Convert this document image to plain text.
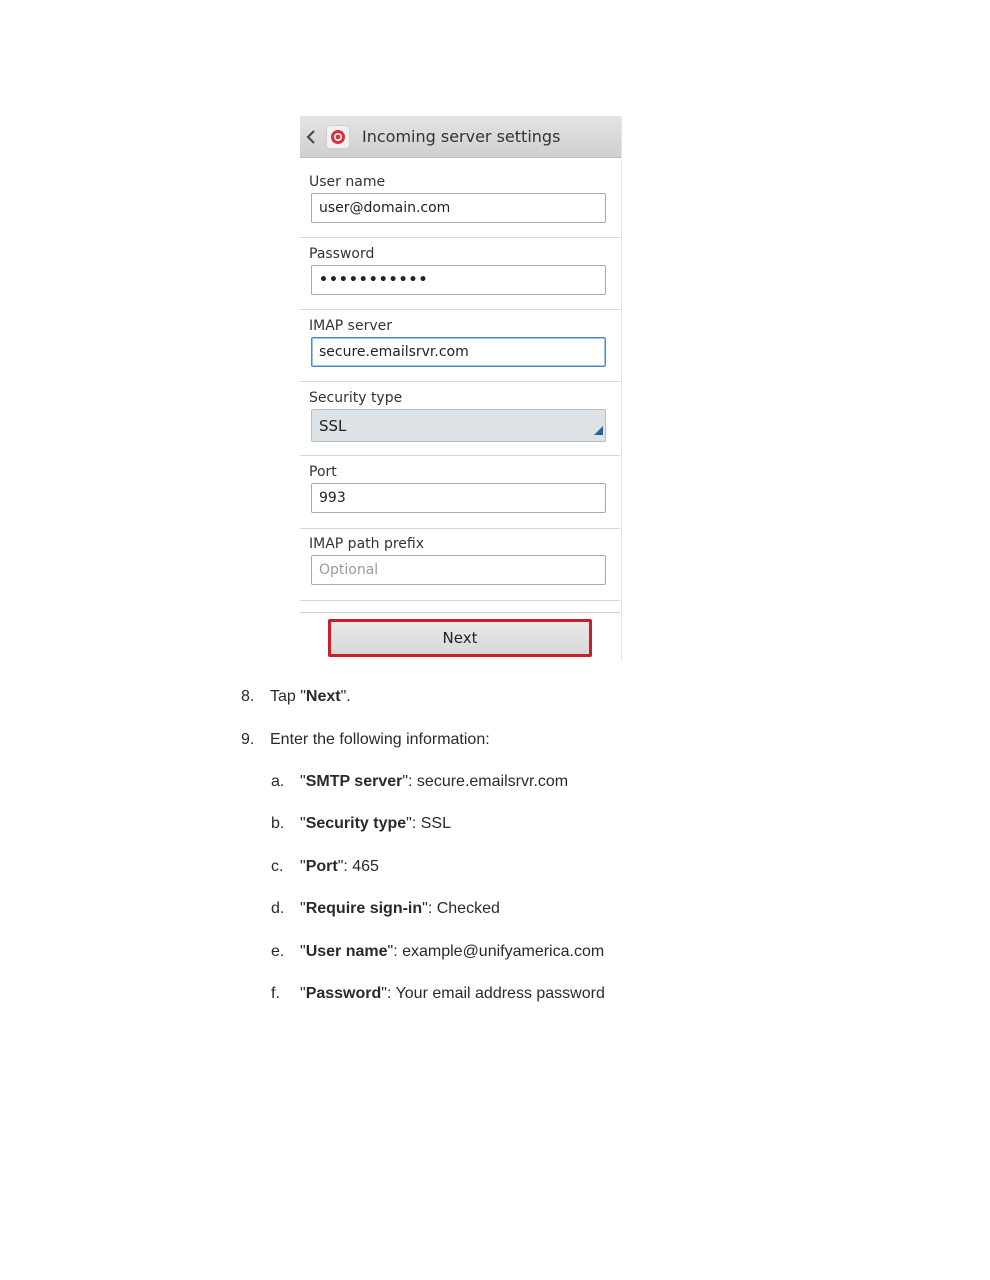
Incoming server settings
User name
user@domain.com
Password
•••••••••••
IMAP server
secure.emailsrvr.com
Security type
SSL
Port
993
IMAP path prefix
Optional
Next
8. Tap "Next".
9. Enter the following information:
a. "SMTP server": secure.emailsrvr.com
b. "Security type": SSL
c. "Port": 465
d. "Require sign-in": Checked
e. "User name": example@unifyamerica.com
f. "Password": Your email address password
